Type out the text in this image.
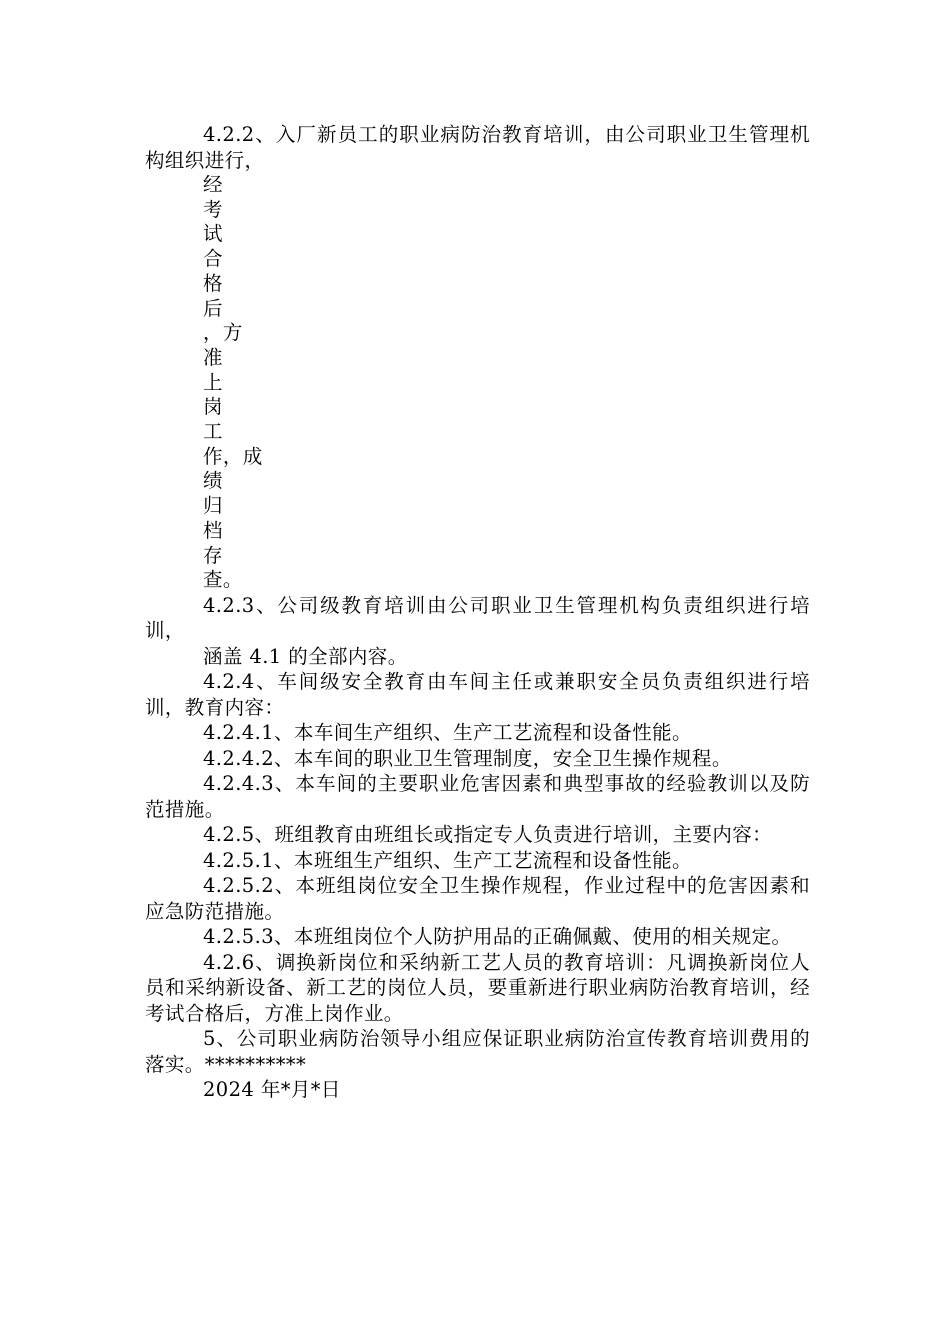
4.2.2、入厂新员工的职业病防治教育培训，由公司职业卫生管理机构组织进行，

经
考
试
合
格
后
，方
准
上
岗
工
作，成
绩
归
档
存
查。

4.2.3、公司级教育培训由公司职业卫生管理机构负责组织进行培训，

涵盖 4.1 的全部内容。

4.2.4、车间级安全教育由车间主任或兼职安全员负责组织进行培训，教育内容：

4.2.4.1、本车间生产组织、生产工艺流程和设备性能。

4.2.4.2、本车间的职业卫生管理制度，安全卫生操作规程。

4.2.4.3、本车间的主要职业危害因素和典型事故的经验教训以及防范措施。

4.2.5、班组教育由班组长或指定专人负责进行培训，主要内容：

4.2.5.1、本班组生产组织、生产工艺流程和设备性能。

4.2.5.2、本班组岗位安全卫生操作规程，作业过程中的危害因素和应急防范措施。

4.2.5.3、本班组岗位个人防护用品的正确佩戴、使用的相关规定。

4.2.6、调换新岗位和采纳新工艺人员的教育培训：凡调换新岗位人员和采纳新设备、新工艺的岗位人员，要重新进行职业病防治教育培训，经考试合格后，方准上岗作业。

5、公司职业病防治领导小组应保证职业病防治宣传教育培训费用的落实。**********

2024 年*月*日
